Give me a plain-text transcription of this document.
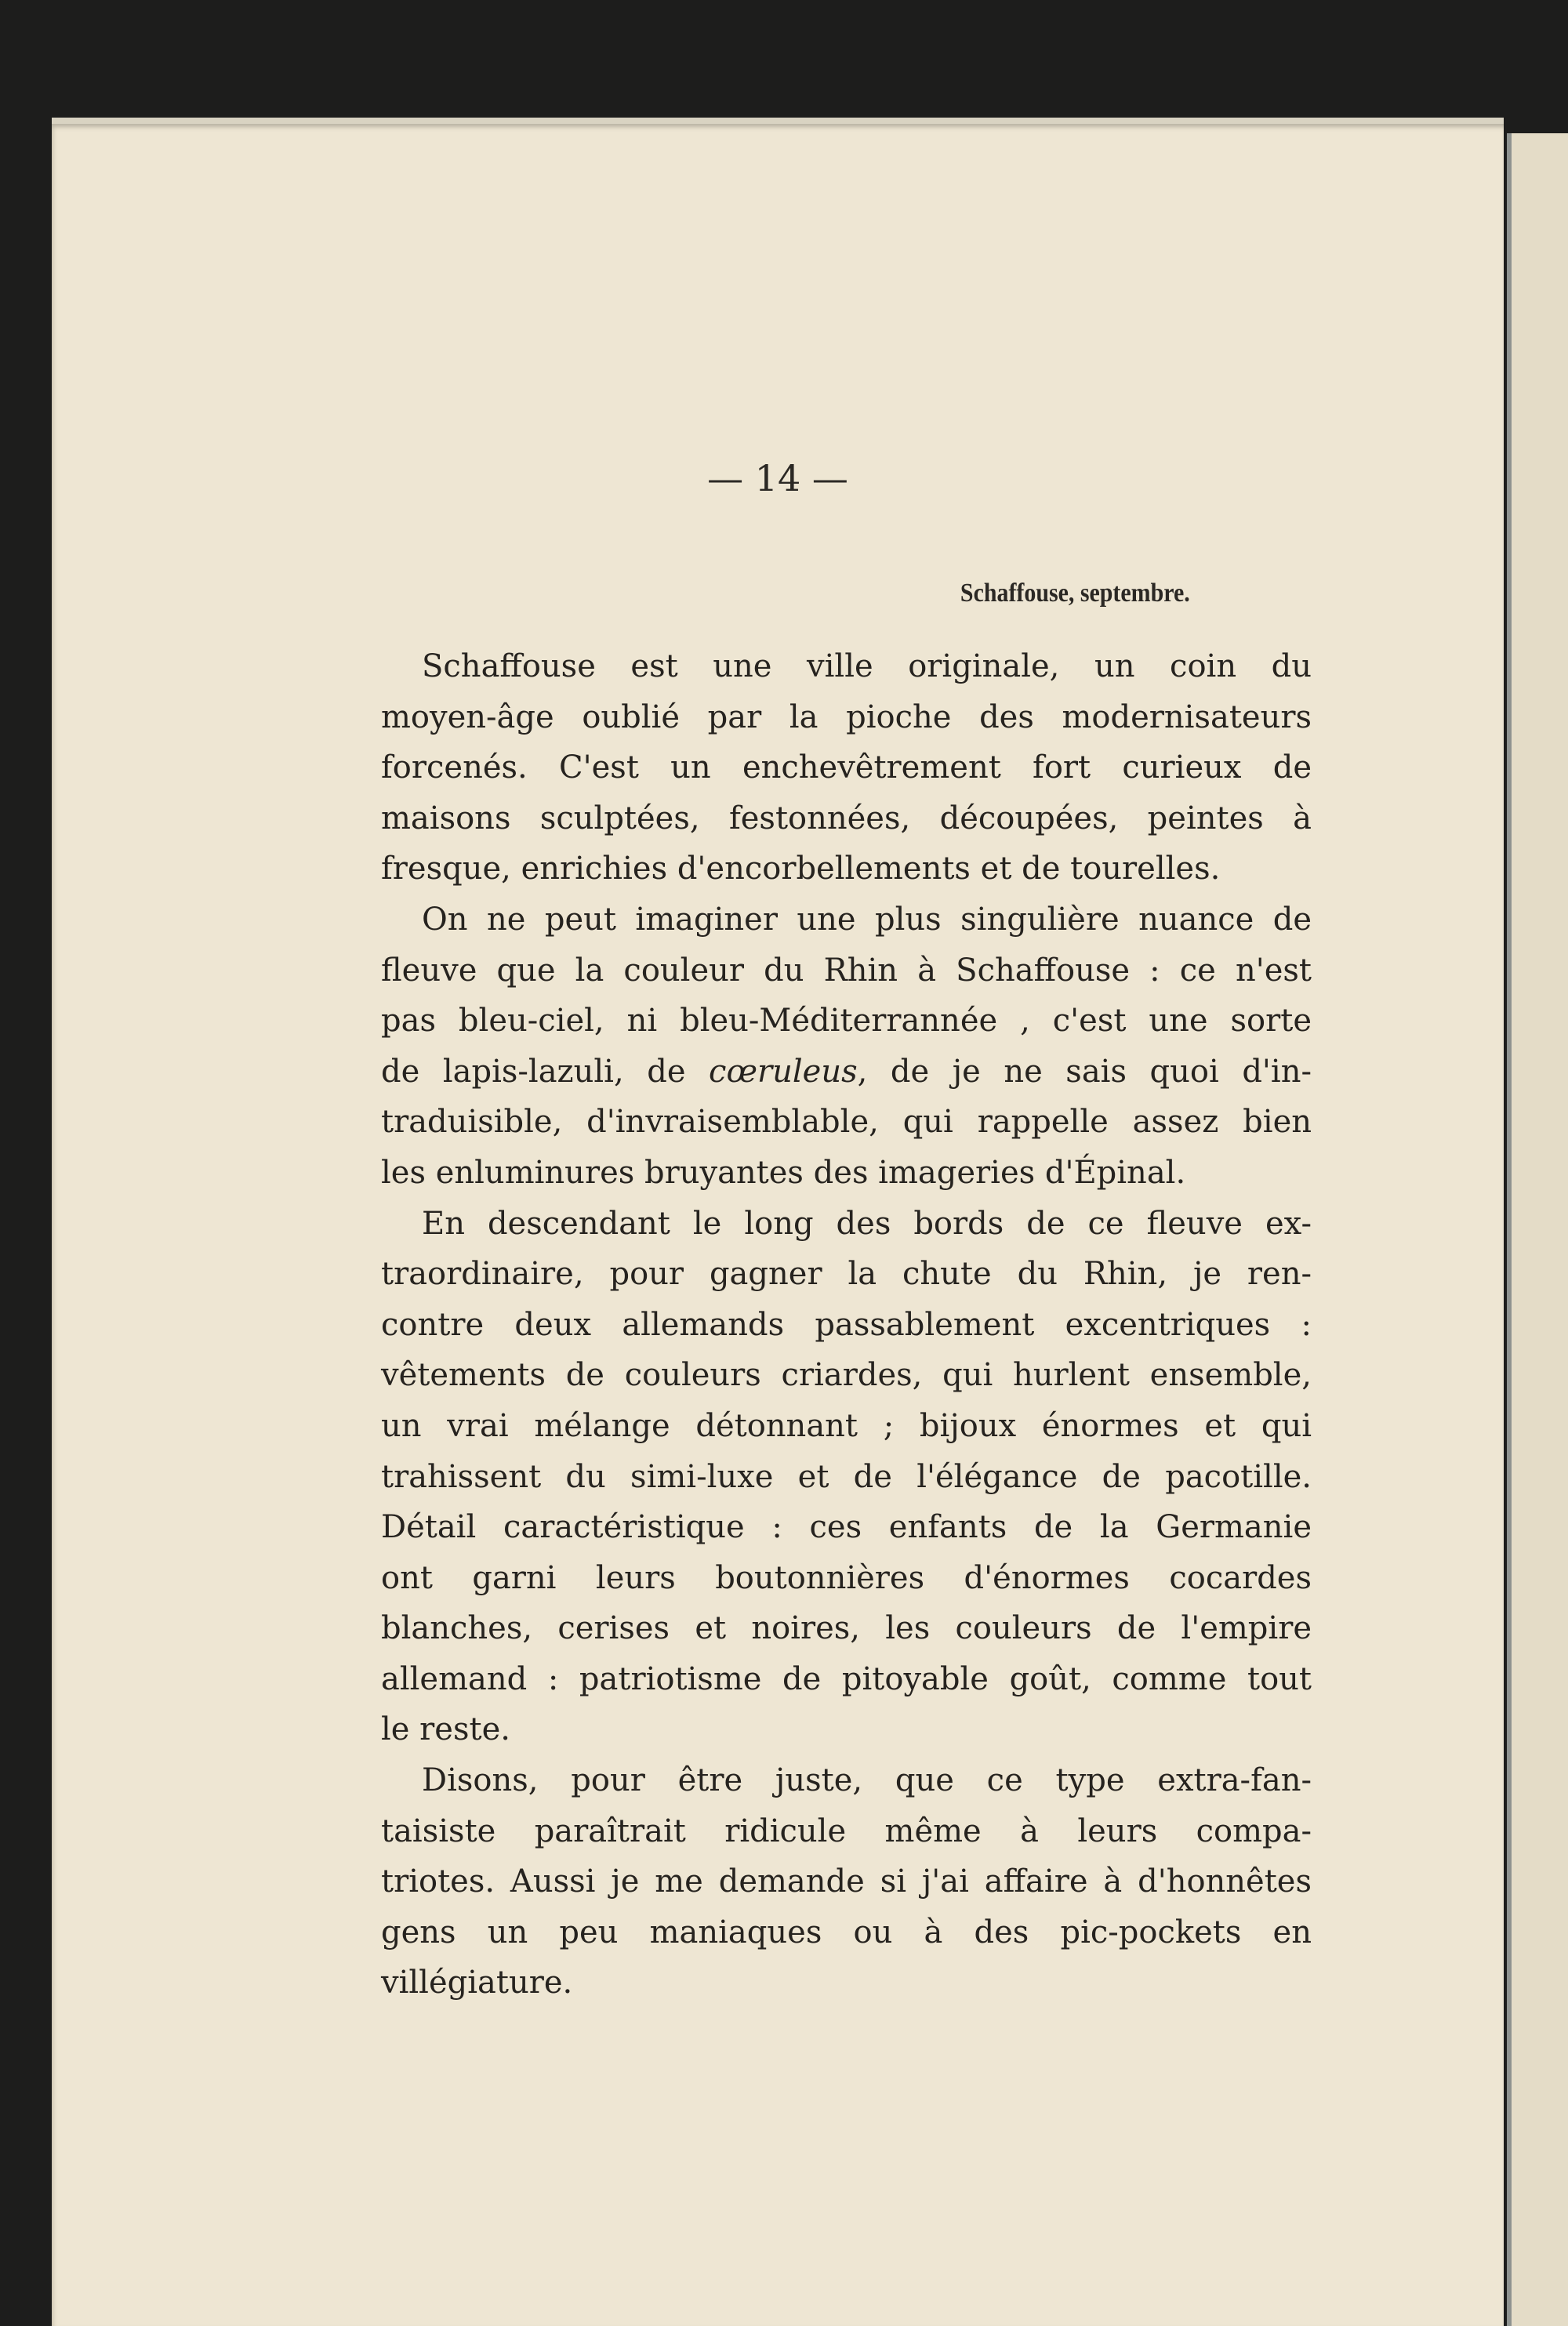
— 14 —
Schaffouse, septembre.
Schaffouse est une ville originale, un coin du
moyen-âge oublié par la pioche des modernisateurs
forcenés. C'est un enchevêtrement fort curieux de
maisons sculptées, festonnées, découpées, peintes à
fresque, enrichies d'encorbellements et de tourelles.
On ne peut imaginer une plus singulière nuance de
fleuve que la couleur du Rhin à Schaffouse : ce n'est
pas bleu-ciel, ni bleu-Méditerrannée , c'est une sorte
de lapis-lazuli, de cœruleus, de je ne sais quoi d'in-
traduisible, d'invraisemblable, qui rappelle assez bien
les enluminures bruyantes des imageries d'Épinal.
En descendant le long des bords de ce fleuve ex-
traordinaire, pour gagner la chute du Rhin, je ren-
contre deux allemands passablement excentriques :
vêtements de couleurs criardes, qui hurlent ensemble,
un vrai mélange détonnant ; bijoux énormes et qui
trahissent du simi-luxe et de l'élégance de pacotille.
Détail caractéristique : ces enfants de la Germanie
ont garni leurs boutonnières d'énormes cocardes
blanches, cerises et noires, les couleurs de l'empire
allemand : patriotisme de pitoyable goût, comme tout
le reste.
Disons, pour être juste, que ce type extra-fan-
taisiste paraîtrait ridicule même à leurs compa-
triotes. Aussi je me demande si j'ai affaire à d'honnêtes
gens un peu maniaques ou à des pic-pockets en
villégiature.
